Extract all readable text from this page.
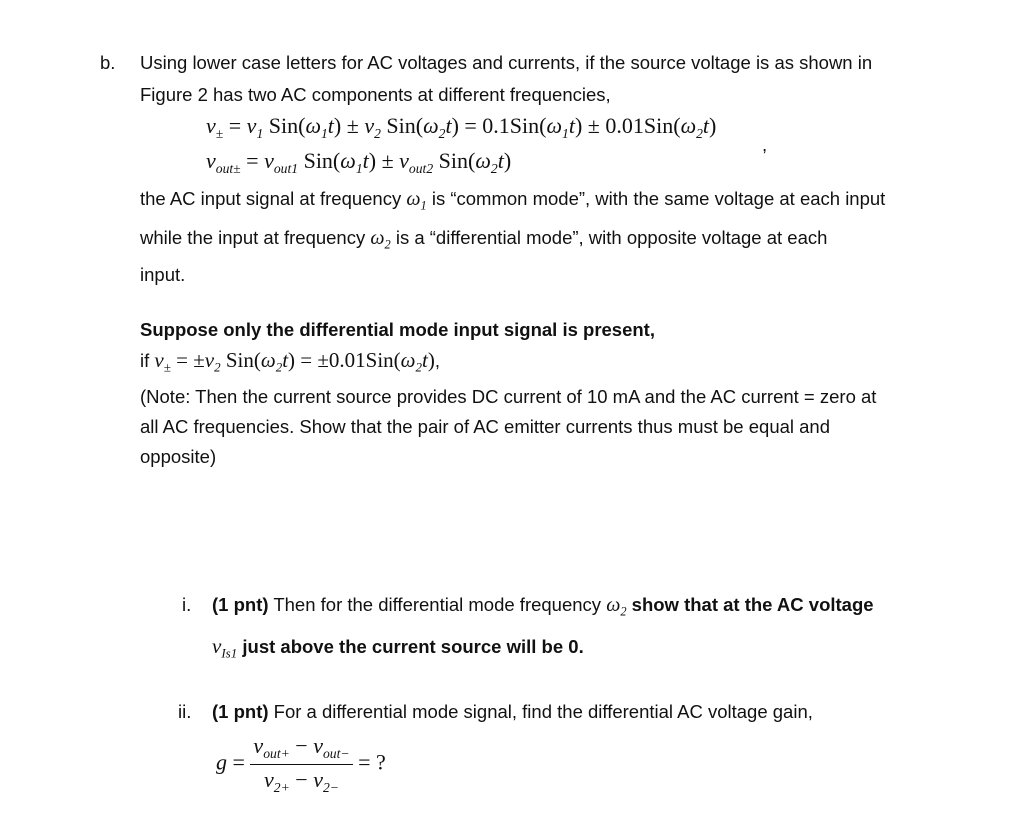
b. Using lower case letters for AC voltages and currents, if the source voltage is as shown in
Figure 2 has two AC components at different frequencies,
$v_\pm = v_1$ $Sin(\omega_1t) \pm v_2$ $Sin(\omega_2t) = 0.1Sin(\omega_1t) \pm 0.01Sin(\omega_2t)$
$v_{out\pm} = v_{out1}$ $Sin(\omega_1t) \pm v_{out2}$ $Sin(\omega_2t)$
,
the AC input signal at frequency $\omega_1$ is “common mode”, with the same voltage at each input
while the input at frequency $\omega_2$ is a “differential mode”, with opposite voltage at each
input.
Suppose only the differential mode input signal is present,
if $v_\pm = \pm v_2$ $Sin(\omega_2t) = \pm 0.01Sin(\omega_2t)$,
(Note: Then the current source provides DC current of 10 mA and the AC current = zero at
all AC frequencies. Show that the pair of AC emitter currents thus must be equal and
opposite)
i. (1 pnt) Then for the differential mode frequency $\omega_2$ show that at the AC voltage
$v_{Is1}$ just above the current source will be 0.
ii. (1 pnt) For a differential mode signal, find the differential AC voltage gain,
$g = \frac{v_{out+} - v_{out-}}{v_{2+} - v_{2-}}$ = ?
